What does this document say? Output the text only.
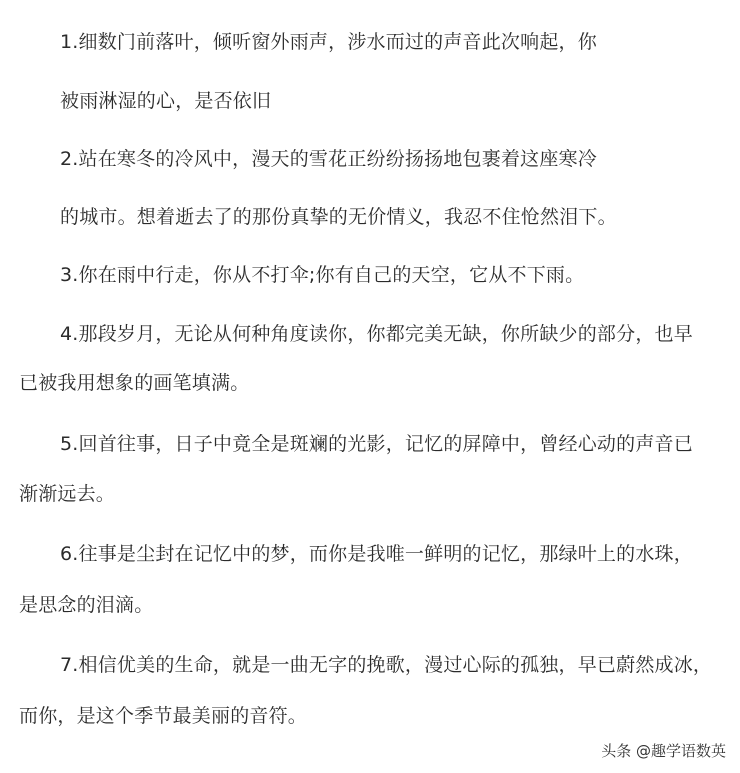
1.细数门前落叶，倾听窗外雨声，涉水而过的声音此次响起，你
被雨淋湿的心，是否依旧
2.站在寒冬的冷风中，漫天的雪花正纷纷扬扬地包裹着这座寒冷
的城市。想着逝去了的那份真挚的无价情义，我忍不住怆然泪下。
3.你在雨中行走，你从不打伞;你有自己的天空，它从不下雨。
4.那段岁月，无论从何种角度读你，你都完美无缺，你所缺少的部分，也早
已被我用想象的画笔填满。
5.回首往事，日子中竟全是斑斓的光影，记忆的屏障中，曾经心动的声音已
渐渐远去。
6.往事是尘封在记忆中的梦，而你是我唯一鲜明的记忆，那绿叶上的水珠，
是思念的泪滴。
7.相信优美的生命，就是一曲无字的挽歌，漫过心际的孤独，早已蔚然成冰，
而你，是这个季节最美丽的音符。
头条 @趣学语数英
